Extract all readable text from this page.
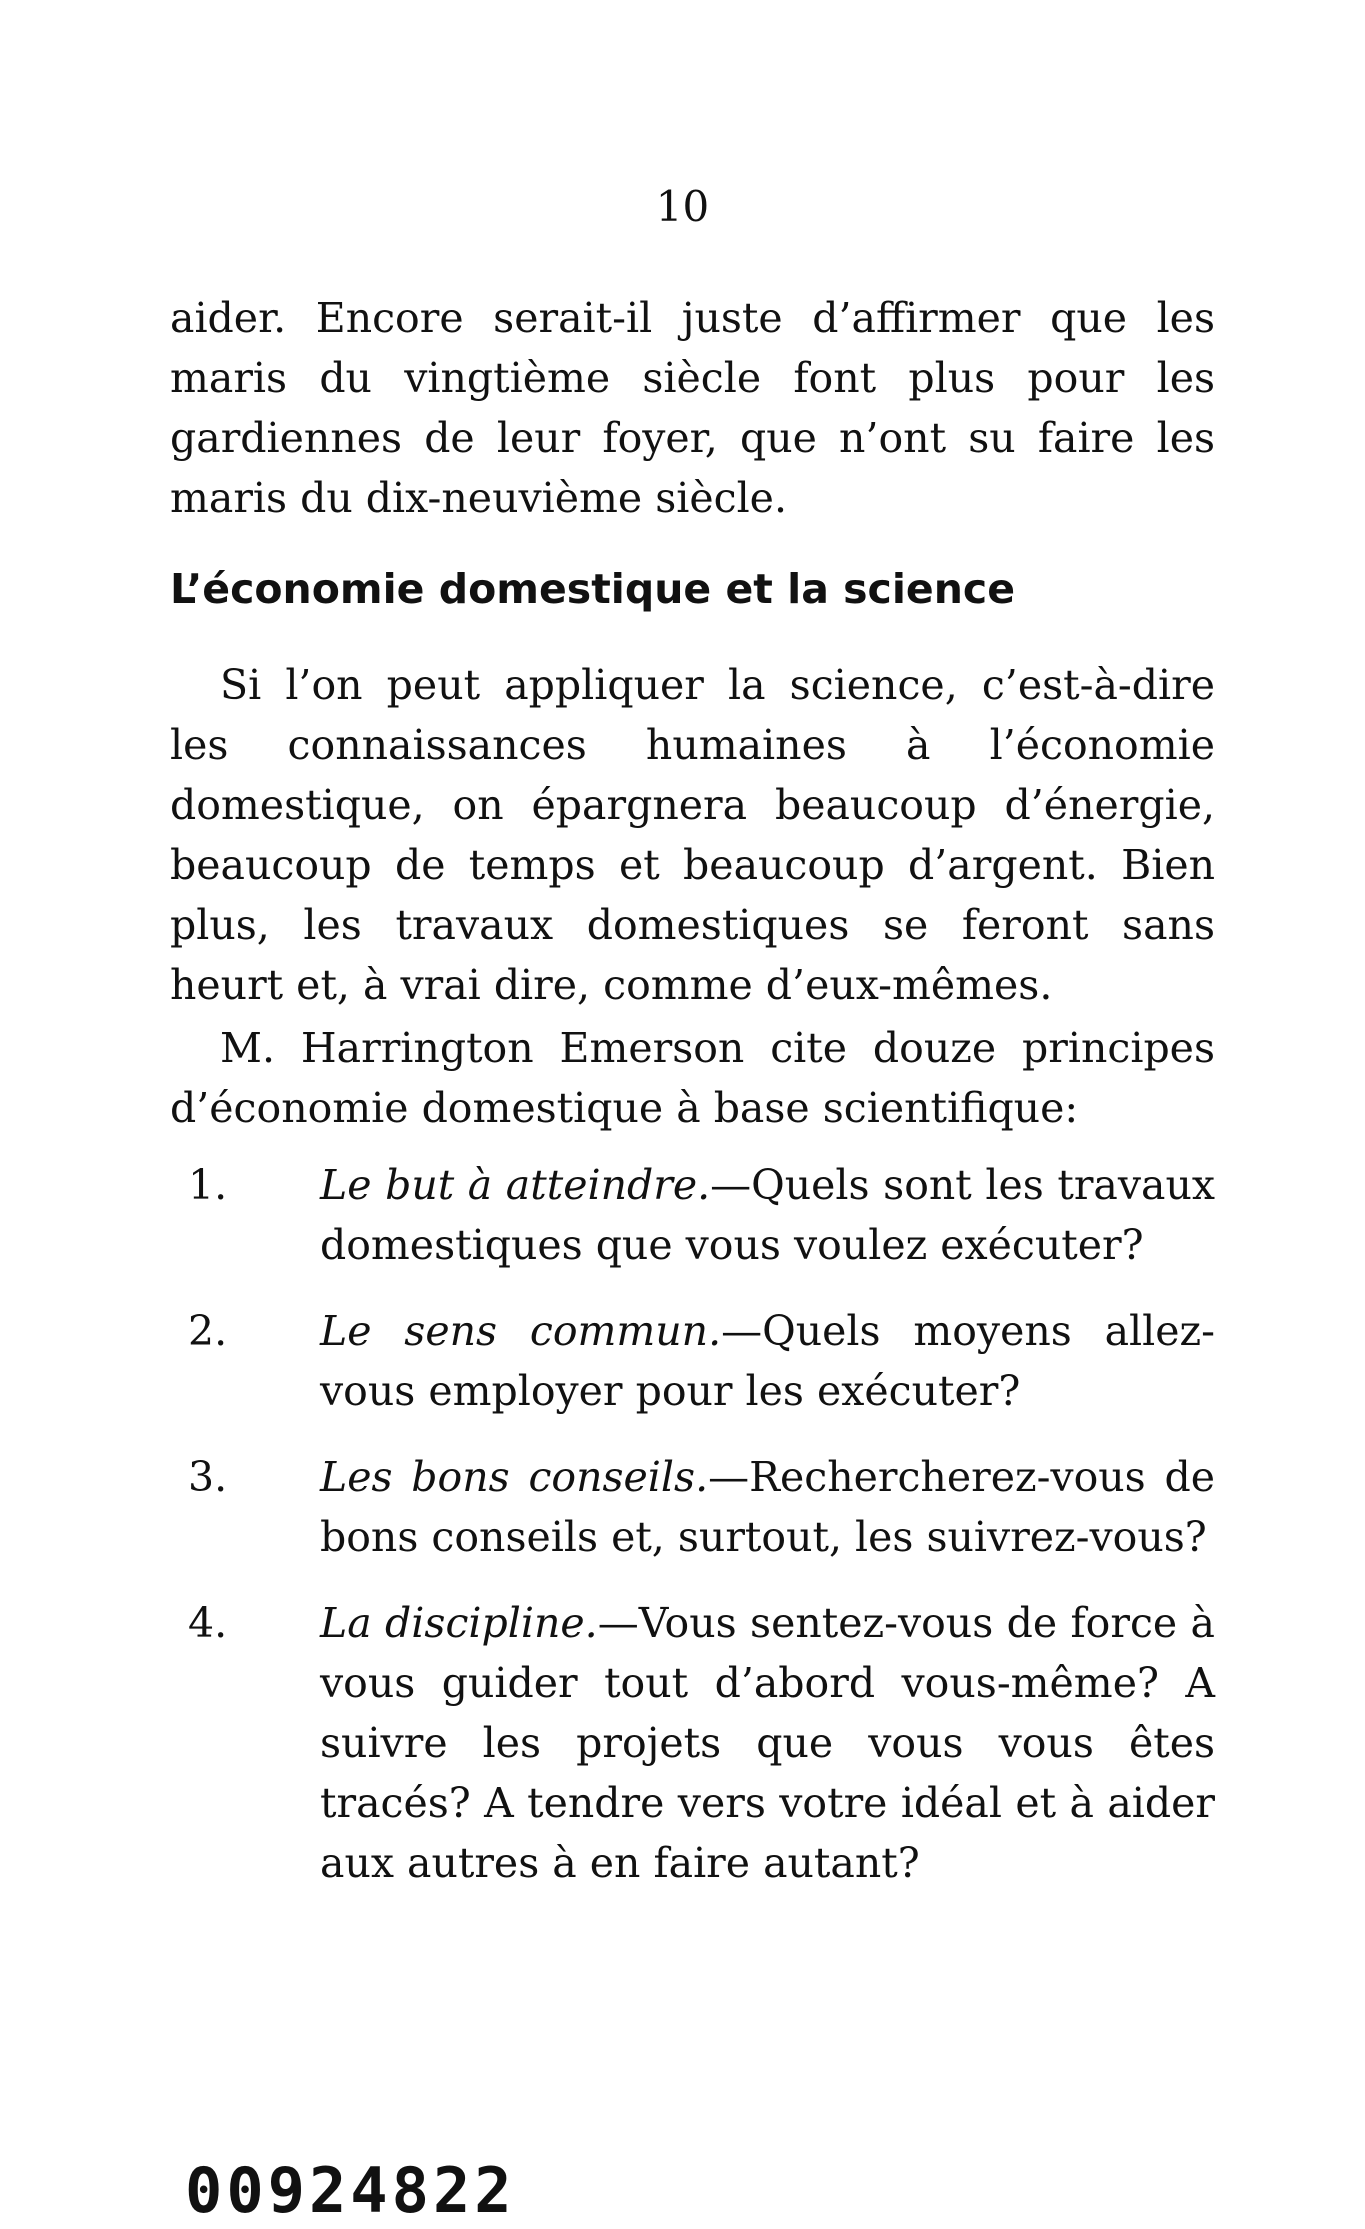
10

aider. Encore serait-il juste d’affirmer que les maris du vingtième siècle font plus pour les gardiennes de leur foyer, que n’ont su faire les maris du dix-neuvième siècle.

L’économie domestique et la science

Si l’on peut appliquer la science, c’est-à-dire les connaissances humaines à l’économie domestique, on épargnera beaucoup d’énergie, beaucoup de temps et beaucoup d’argent. Bien plus, les travaux domestiques se feront sans heurt et, à vrai dire, comme d’eux-mêmes.

M. Harrington Emerson cite douze principes d’économie domestique à base scientifique:

1. Le but à atteindre.—Quels sont les travaux domestiques que vous voulez exécuter?
2. Le sens commun.—Quels moyens allez-vous employer pour les exécuter?
3. Les bons conseils.—Rechercherez-vous de bons conseils et, surtout, les suivrez-vous?
4. La discipline.—Vous sentez-vous de force à vous guider tout d’abord vous-même? A suivre les projets que vous vous êtes tracés? A tendre vers votre idéal et à aider aux autres à en faire autant?
00924822
